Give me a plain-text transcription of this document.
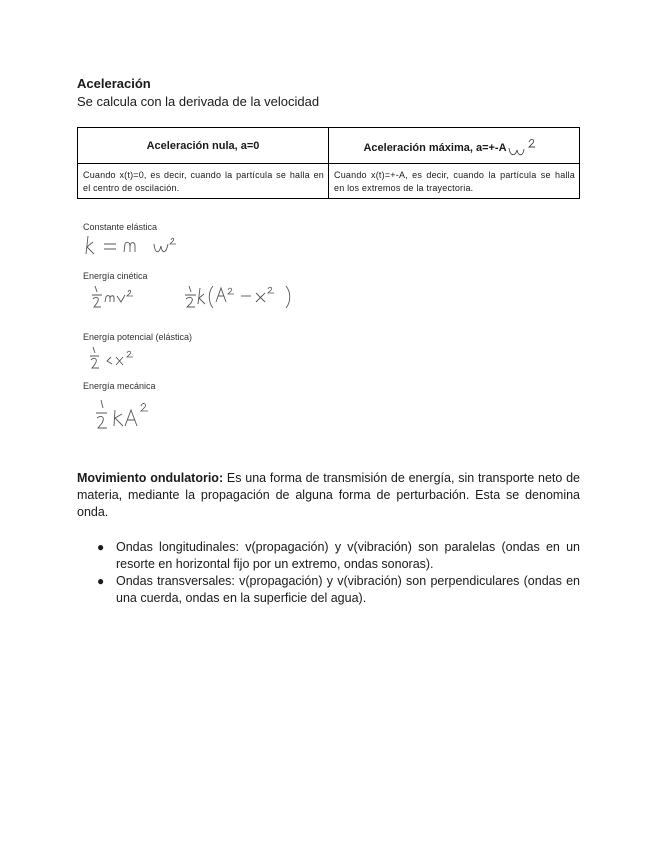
Aceleración
Se calcula con la derivada de la velocidad
Aceleración nula, a=0	Aceleración máxima, a=+-A
Cuando x(t)=0, es decir, cuando la partícula se halla en el centro de oscilación.	Cuando x(t)=+-A, es decir, cuando la partícula se halla en los extremos de la trayectoria.
Constante elástica
Energía cinética
Energía potencial (elástica)
Energía mecánica
Movimiento ondulatorio: Es una forma de transmisión de energía, sin transporte neto de materia, mediante la propagación de alguna forma de perturbación. Esta se denomina onda.
● Ondas longitudinales: v(propagación) y v(vibración) son paralelas (ondas en un resorte en horizontal fijo por un extremo, ondas sonoras).
● Ondas transversales: v(propagación) y v(vibración) son perpendiculares (ondas en una cuerda, ondas en la superficie del agua).
